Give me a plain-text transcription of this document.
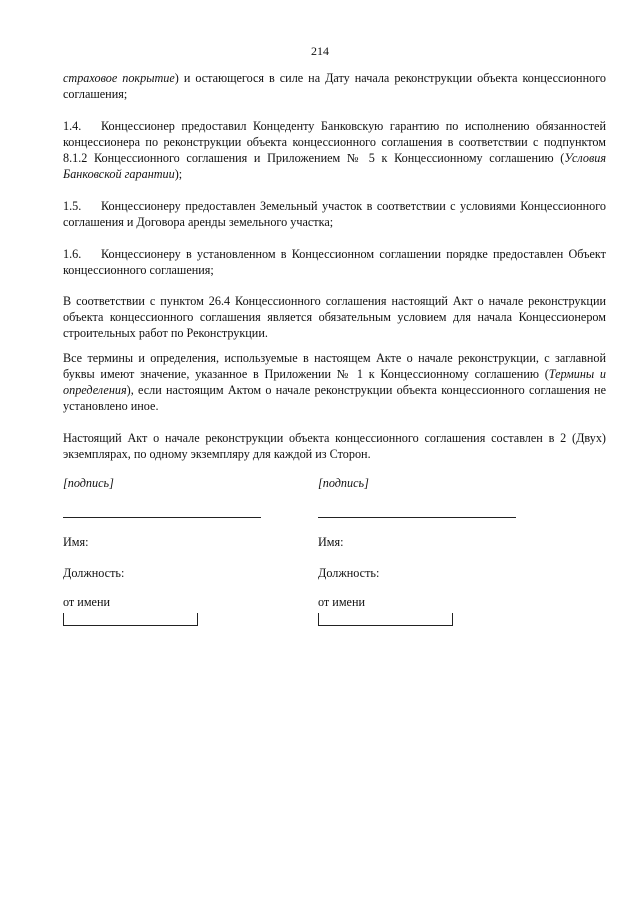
214
страховое покрытие) и остающегося в силе на Дату начала реконструкции объекта концессионного соглашения;
1.4. Концессионер предоставил Концеденту Банковскую гарантию по исполнению обязанностей концессионера по реконструкции объекта концессионного соглашения в соответствии с подпунктом 8.1.2 Концессионного соглашения и Приложением № 5 к Концессионному соглашению (Условия Банковской гарантии);
1.5. Концессионеру предоставлен Земельный участок в соответствии с условиями Концессионного соглашения и Договора аренды земельного участка;
1.6. Концессионеру в установленном в Концессионном соглашении порядке предоставлен Объект концессионного соглашения;
В соответствии с пунктом 26.4 Концессионного соглашения настоящий Акт о начале реконструкции объекта концессионного соглашения является обязательным условием для начала Концессионером строительных работ по Реконструкции.
Все термины и определения, используемые в настоящем Акте о начале реконструкции, с заглавной буквы имеют значение, указанное в Приложении № 1 к Концессионному соглашению (Термины и определения), если настоящим Актом о начале реконструкции объекта концессионного соглашения не установлено иное.
Настоящий Акт о начале реконструкции объекта концессионного соглашения составлен в 2 (Двух) экземплярах, по одному экземпляру для каждой из Сторон.
[подпись]
Имя:
Должность:
от имени
[подпись]
Имя:
Должность:
от имени
